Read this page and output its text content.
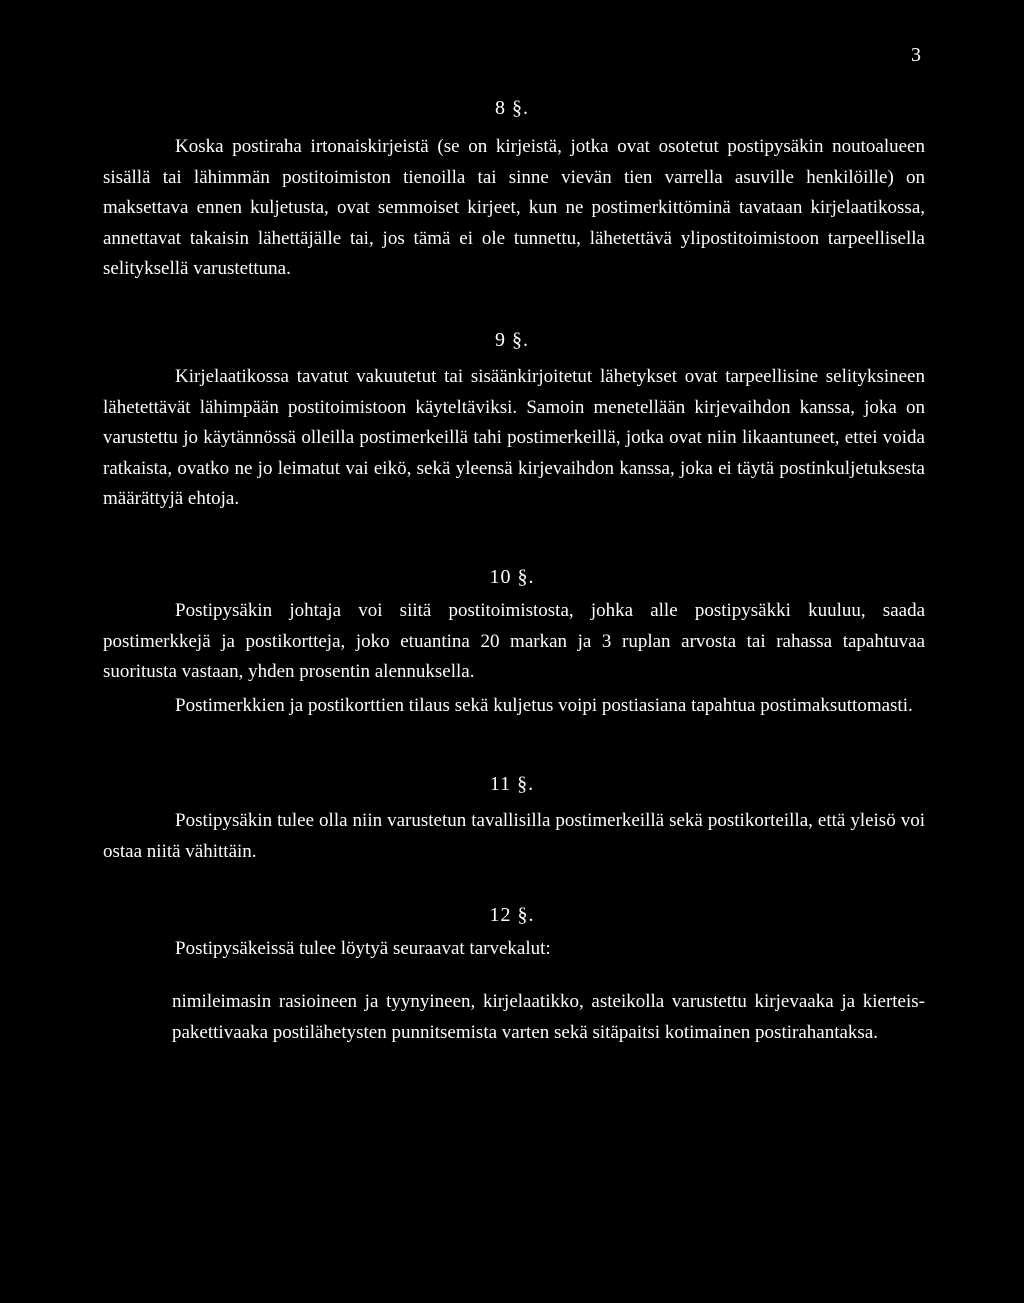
3
8 §.

Koska postiraha irtonaiskirjeistä (se on kirjeistä, jotka ovat osotetut postipysäkin noutoalueen sisällä tai lähimmän postitoimiston tienoilla tai sinne vievän tien varrella asuville henkilöille) on maksettava ennen kuljetusta, ovat semmoiset kirjeet, kun ne postimerkittöminä tavataan kirjelaatikossa, annettavat takaisin lähettäjälle tai, jos tämä ei ole tunnettu, lähetettävä ylipostitoimistoon tarpeellisella selityksellä varustettuna.

9 §.

Kirjelaatikossa tavatut vakuutetut tai sisäänkirjoitetut lähetykset ovat tarpeellisine selityksineen lähetettävät lähimpään postitoimistoon käyteltäviksi. Samoin menetellään kirjevaihdon kanssa, joka on varustettu jo käytännössä olleilla postimerkeillä tahi postimerkeillä, jotka ovat niin likaantuneet, ettei voida ratkaista, ovatko ne jo leimatut vai eikö, sekä yleensä kirjevaihdon kanssa, joka ei täytä postinkuljetuksesta määrättyjä ehtoja.

10 §.

Postipysäkin johtaja voi siitä postitoimistosta, johka alle postipysäkki kuuluu, saada postimerkkejä ja postikortteja, joko etuantina 20 markan ja 3 ruplan arvosta tai rahassa tapahtuvaa suoritusta vastaan, yhden prosentin alennuksella.

Postimerkkien ja postikorttien tilaus sekä kuljetus voipi postiasiana tapahtua postimaksuttomasti.

11 §.

Postipysäkin tulee olla niin varustetun tavallisilla postimerkeillä sekä postikorteilla, että yleisö voi ostaa niitä vähittäin.

12 §.

Postipysäkeissä tulee löytyä seuraavat tarvekalut:

nimileimasin rasioineen ja tyynyineen, kirjelaatikko, asteikolla varustettu kirjevaaka ja kierteis-pakettivaaka postilähetysten punnitsemista varten sekä sitäpaitsi kotimainen postirahantaksa.
